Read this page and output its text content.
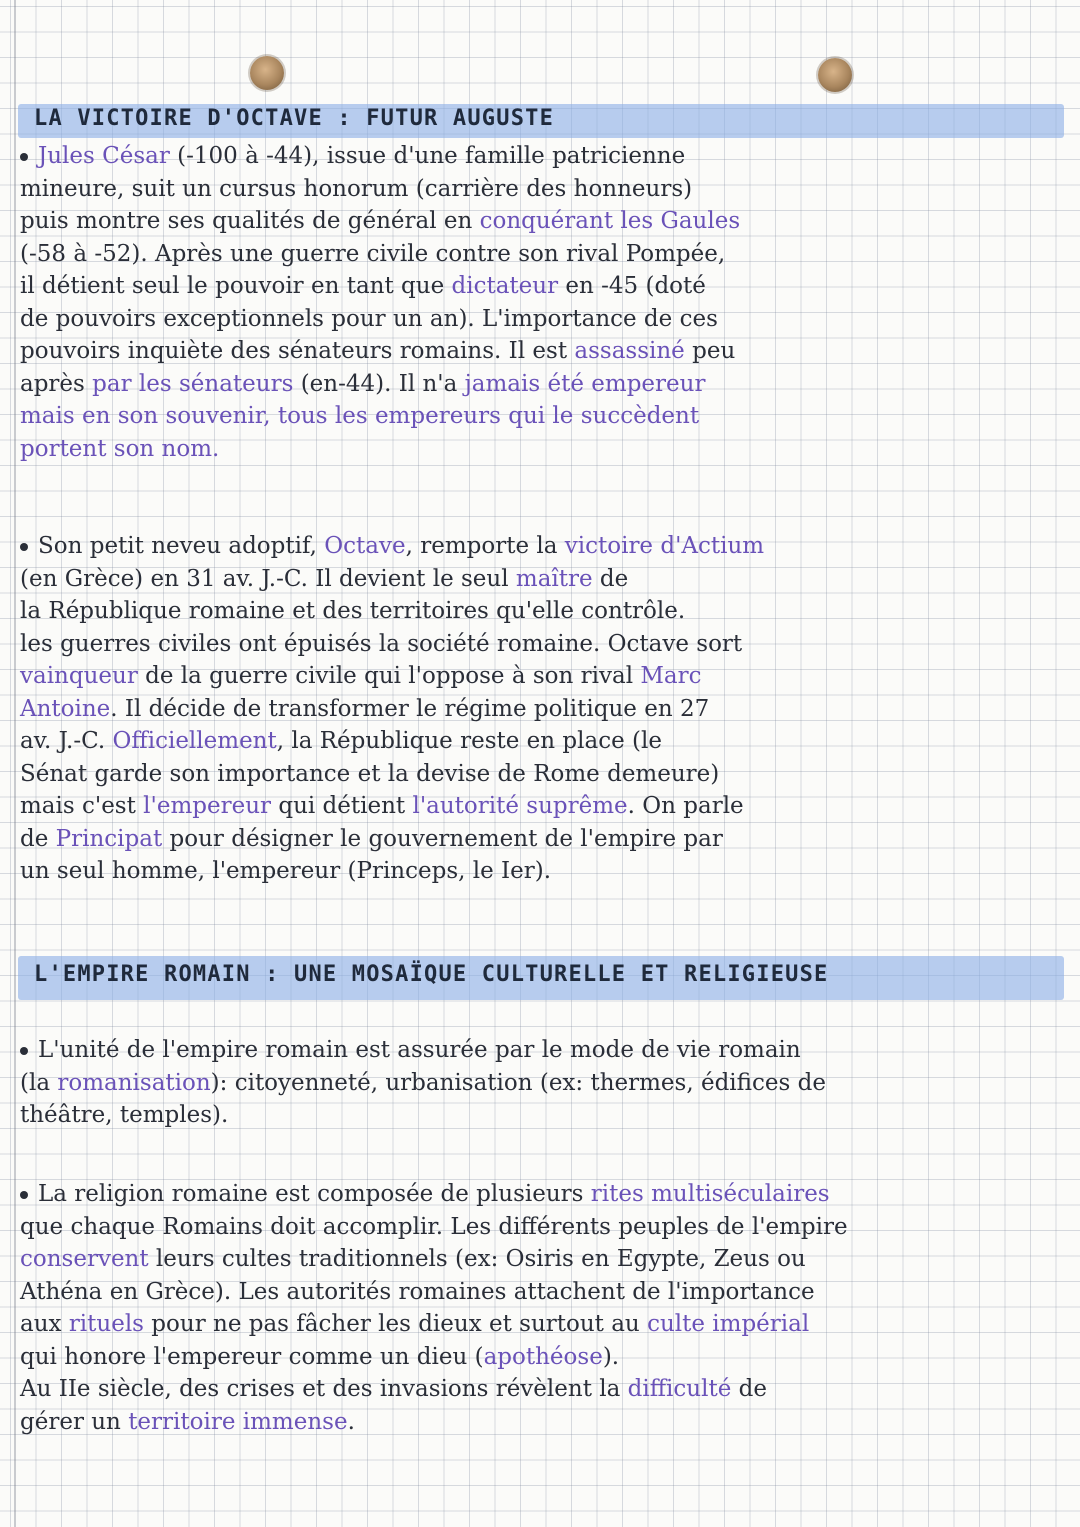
LA VICTOIRE D'OCTAVE : FUTUR AUGUSTE
Jules César (-100 à -44), issue d'une famille patricienne
mineure, suit un cursus honorum (carrière des honneurs)
puis montre ses qualités de général en conquérant les Gaules
(-58 à -52). Après une guerre civile contre son rival Pompée,
il détient seul le pouvoir en tant que dictateur en -45 (doté
de pouvoirs exceptionnels pour un an). L'importance de ces
pouvoirs inquiète des sénateurs romains. Il est assassiné peu
après par les sénateurs (en-44). Il n'a jamais été empereur
mais en son souvenir, tous les empereurs qui le succèdent
portent son nom.
Son petit neveu adoptif, Octave, remporte la victoire d'Actium
(en Grèce) en 31 av. J.-C. Il devient le seul maître de
la République romaine et des territoires qu'elle contrôle.
les guerres civiles ont épuisés la société romaine. Octave sort
vainqueur de la guerre civile qui l'oppose à son rival Marc
Antoine. Il décide de transformer le régime politique en 27
av. J.-C. Officiellement, la République reste en place (le
Sénat garde son importance et la devise de Rome demeure)
mais c'est l'empereur qui détient l'autorité suprême. On parle
de Principat pour désigner le gouvernement de l'empire par
un seul homme, l'empereur (Princeps, le Ier).
L'EMPIRE ROMAIN : UNE MOSAÏQUE CULTURELLE ET RELIGIEUSE
L'unité de l'empire romain est assurée par le mode de vie romain
(la romanisation): citoyenneté, urbanisation (ex: thermes, édifices de
théâtre, temples).
La religion romaine est composée de plusieurs rites multiséculaires
que chaque Romains doit accomplir. Les différents peuples de l'empire
conservent leurs cultes traditionnels (ex: Osiris en Egypte, Zeus ou
Athéna en Grèce). Les autorités romaines attachent de l'importance
aux rituels pour ne pas fâcher les dieux et surtout au culte impérial
qui honore l'empereur comme un dieu (apothéose).
Au IIe siècle, des crises et des invasions révèlent la difficulté de
gérer un territoire immense.
